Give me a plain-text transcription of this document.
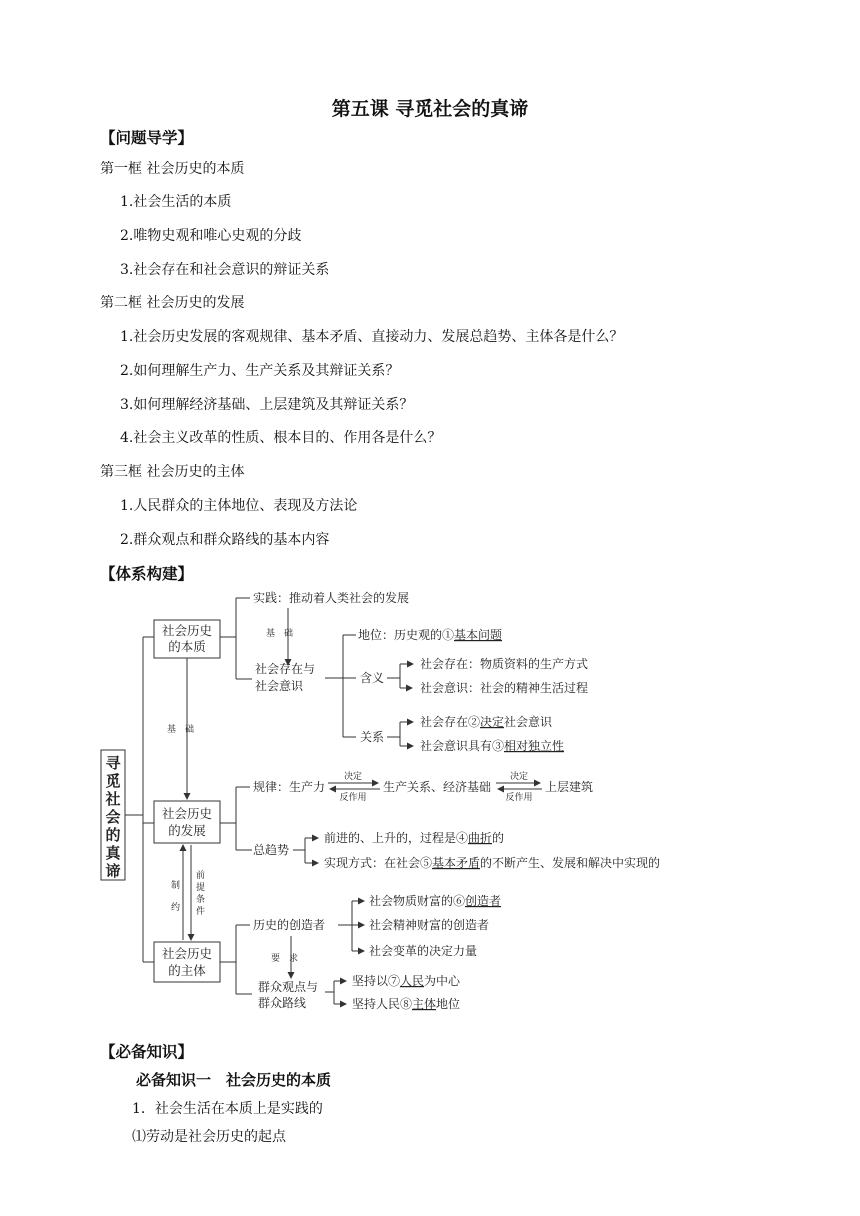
第五课 寻觅社会的真谛
【问题导学】
第一框 社会历史的本质
1.社会生活的本质
2.唯物史观和唯心史观的分歧
3.社会存在和社会意识的辩证关系
第二框 社会历史的发展
1.社会历史发展的客观规律、基本矛盾、直接动力、发展总趋势、主体各是什么？
2.如何理解生产力、生产关系及其辩证关系？
3.如何理解经济基础、上层建筑及其辩证关系？
4.社会主义改革的性质、根本目的、作用各是什么？
第三框 社会历史的主体
1.人民群众的主体地位、表现及方法论
2.群众观点和群众路线的基本内容
【体系构建】
寻
觅
社
会
的
真
谛
社会历史
的本质
社会历史
的发展
社会历史
的主体
基　础
制
约
前
提
条
件
实践：推动着人类社会的发展
基　础
社会存在与
社会意识
地位：历史观的①基本问题
含义
社会存在：物质资料的生产方式
社会意识：社会的精神生活过程
关系
社会存在②决定社会意识
社会意识具有③相对独立性
规律：生产力
决定
反作用
生产关系、经济基础
决定
反作用
上层建筑
总趋势
前进的、上升的，过程是④曲折的
实现方式：在社会⑤基本矛盾的不断产生、发展和解决中实现的
历史的创造者
社会物质财富的⑥创造者
社会精神财富的创造者
社会变革的决定力量
要　求
群众观点与
群众路线
坚持以⑦人民为中心
坚持人民⑧主体地位
【必备知识】
必备知识一　社会历史的本质
1．社会生活在本质上是实践的
⑴劳动是社会历史的起点
